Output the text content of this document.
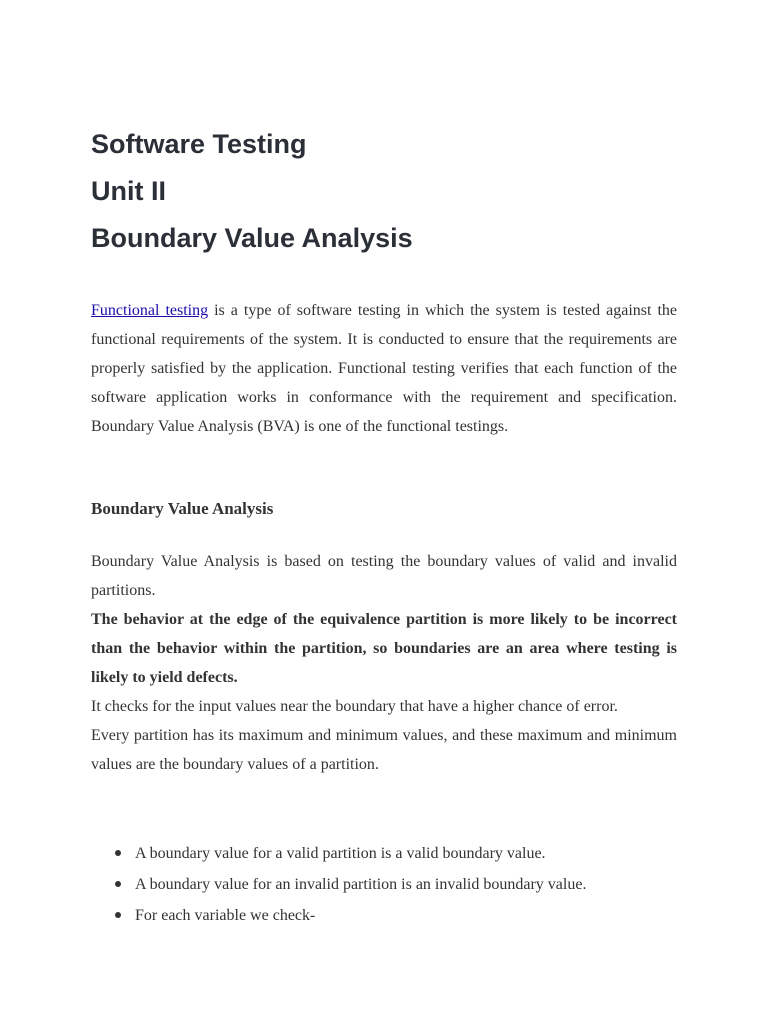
Software Testing
Unit II
Boundary Value Analysis

Functional testing is a type of software testing in which the system is tested against the functional requirements of the system. It is conducted to ensure that the requirements are properly satisfied by the application. Functional testing verifies that each function of the software application works in conformance with the requirement and specification. Boundary Value Analysis (BVA) is one of the functional testings.

Boundary Value Analysis

Boundary Value Analysis is based on testing the boundary values of valid and invalid partitions.

The behavior at the edge of the equivalence partition is more likely to be incorrect than the behavior within the partition, so boundaries are an area where testing is likely to yield defects.

It checks for the input values near the boundary that have a higher chance of error.

Every partition has its maximum and minimum values, and these maximum and minimum values are the boundary values of a partition.

A boundary value for a valid partition is a valid boundary value.
A boundary value for an invalid partition is an invalid boundary value.
For each variable we check-
